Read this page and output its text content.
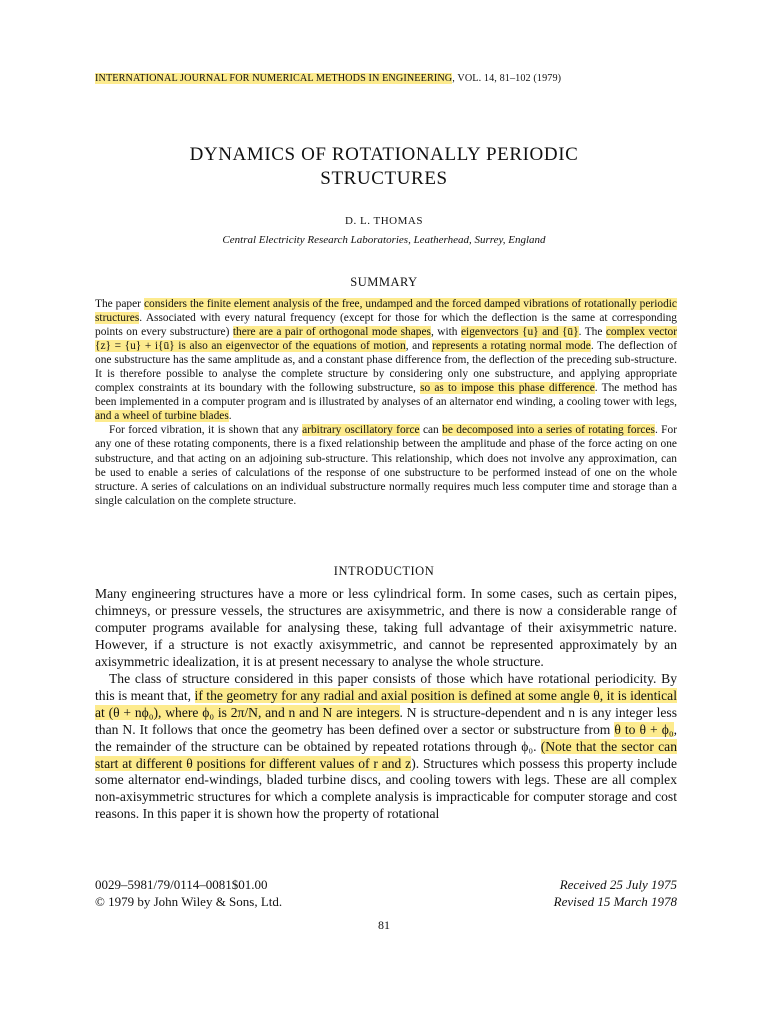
INTERNATIONAL JOURNAL FOR NUMERICAL METHODS IN ENGINEERING, VOL. 14, 81–102 (1979)
DYNAMICS OF ROTATIONALLY PERIODIC
STRUCTURES
D. L. THOMAS
Central Electricity Research Laboratories, Leatherhead, Surrey, England
SUMMARY

The paper considers the finite element analysis of the free, undamped and the forced damped vibrations of rotationally periodic structures. Associated with every natural frequency (except for those for which the deflection is the same at corresponding points on every substructure) there are a pair of orthogonal mode shapes, with eigenvectors {u} and {ū}. The complex vector {z} = {u} + i{ū} is also an eigenvector of the equations of motion, and represents a rotating normal mode. The deflection of one substructure has the same amplitude as, and a constant phase difference from, the deflection of the preceding sub-structure. It is therefore possible to analyse the complete structure by considering only one substructure, and applying appropriate complex constraints at its boundary with the following substructure, so as to impose this phase difference. The method has been implemented in a computer program and is illustrated by analyses of an alternator end winding, a cooling tower with legs, and a wheel of turbine blades.

For forced vibration, it is shown that any arbitrary oscillatory force can be decomposed into a series of rotating forces. For any one of these rotating components, there is a fixed relationship between the amplitude and phase of the force acting on one substructure, and that acting on an adjoining sub-structure. This relationship, which does not involve any approximation, can be used to enable a series of calculations of the response of one substructure to be performed instead of one on the whole structure. A series of calculations on an individual substructure normally requires much less computer time and storage than a single calculation on the complete structure.

INTRODUCTION

Many engineering structures have a more or less cylindrical form. In some cases, such as certain pipes, chimneys, or pressure vessels, the structures are axisymmetric, and there is now a considerable range of computer programs available for analysing these, taking full advantage of their axisymmetric nature. However, if a structure is not exactly axisymmetric, and cannot be represented approximately by an axisymmetric idealization, it is at present necessary to analyse the whole structure.

The class of structure considered in this paper consists of those which have rotational periodicity. By this is meant that, if the geometry for any radial and axial position is defined at some angle θ, it is identical at (θ + nϕ₀), where ϕ₀ is 2π/N, and n and N are integers. N is structure-dependent and n is any integer less than N. It follows that once the geometry has been defined over a sector or substructure from θ to θ + ϕ₀, the remainder of the structure can be obtained by repeated rotations through ϕ₀. (Note that the sector can start at different θ positions for different values of r and z). Structures which possess this property include some alternator end-windings, bladed turbine discs, and cooling towers with legs. These are all complex non-axisymmetric structures for which a complete analysis is impracticable for computer storage and cost reasons. In this paper it is shown how the property of rotational

0029–5981/79/0114–0081$01.00
© 1979 by John Wiley & Sons, Ltd.
Received 25 July 1975
Revised 15 March 1978
81
